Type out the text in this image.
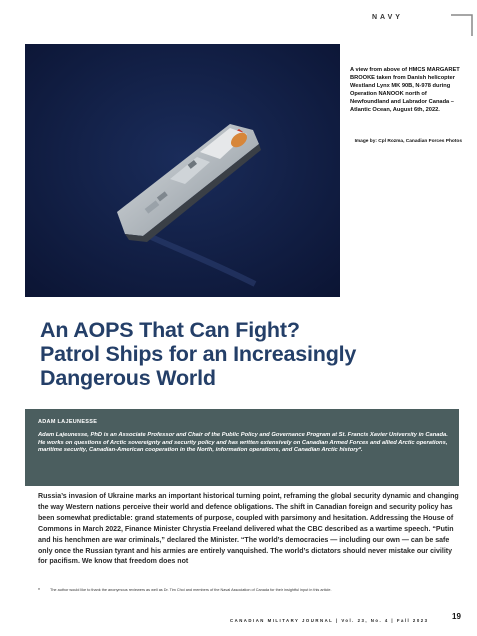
NAVY
A view from above of HMCS MARGARET BROOKE taken from Danish helicopter Westland Lynx MK 90B, N-978 during Operation NANOOK north of Newfoundland and Labrador Canada – Atlantic Ocean, August 6th, 2022.
Image by: Cpl Rozma, Canadian Forces Photos
An AOPS That Can Fight?
Patrol Ships for an Increasingly
Dangerous World
ADAM LAJEUNESSE
Adam Lajeunesse, PhD is an Associate Professor and Chair of the Public Policy and Governance Program at St. Francis Xavier University in Canada. He works on questions of Arctic sovereignty and security policy and has written extensively on Canadian Armed Forces and allied Arctic operations, maritime security, Canadian-American cooperation in the North, information operations, and Canadian Arctic history*.
Russia’s invasion of Ukraine marks an important historical turning point, reframing the global security dynamic and changing the way Western nations perceive their world and defence obligations. The shift in Canadian foreign and security policy has been somewhat predictable: grand statements of purpose, coupled with parsimony and hesitation. Addressing the House of Commons in March 2022, Finance Minister Chrystia Freeland delivered what the CBC described as a wartime speech. “Putin and his henchmen are war criminals,” declared the Minister. “The world’s democracies — including our own — can be safe only once the Russian tyrant and his armies are entirely vanquished. The world’s dictators should never mistake our civility for pacifism. We know that freedom does not
*	The author would like to thank the anonymous reviewers as well as Dr. Tim Choi and members of the Naval Association of Canada for their insightful input in this article.
CANADIAN MILITARY JOURNAL | Vol. 23, No. 4 | Fall 2023	19
